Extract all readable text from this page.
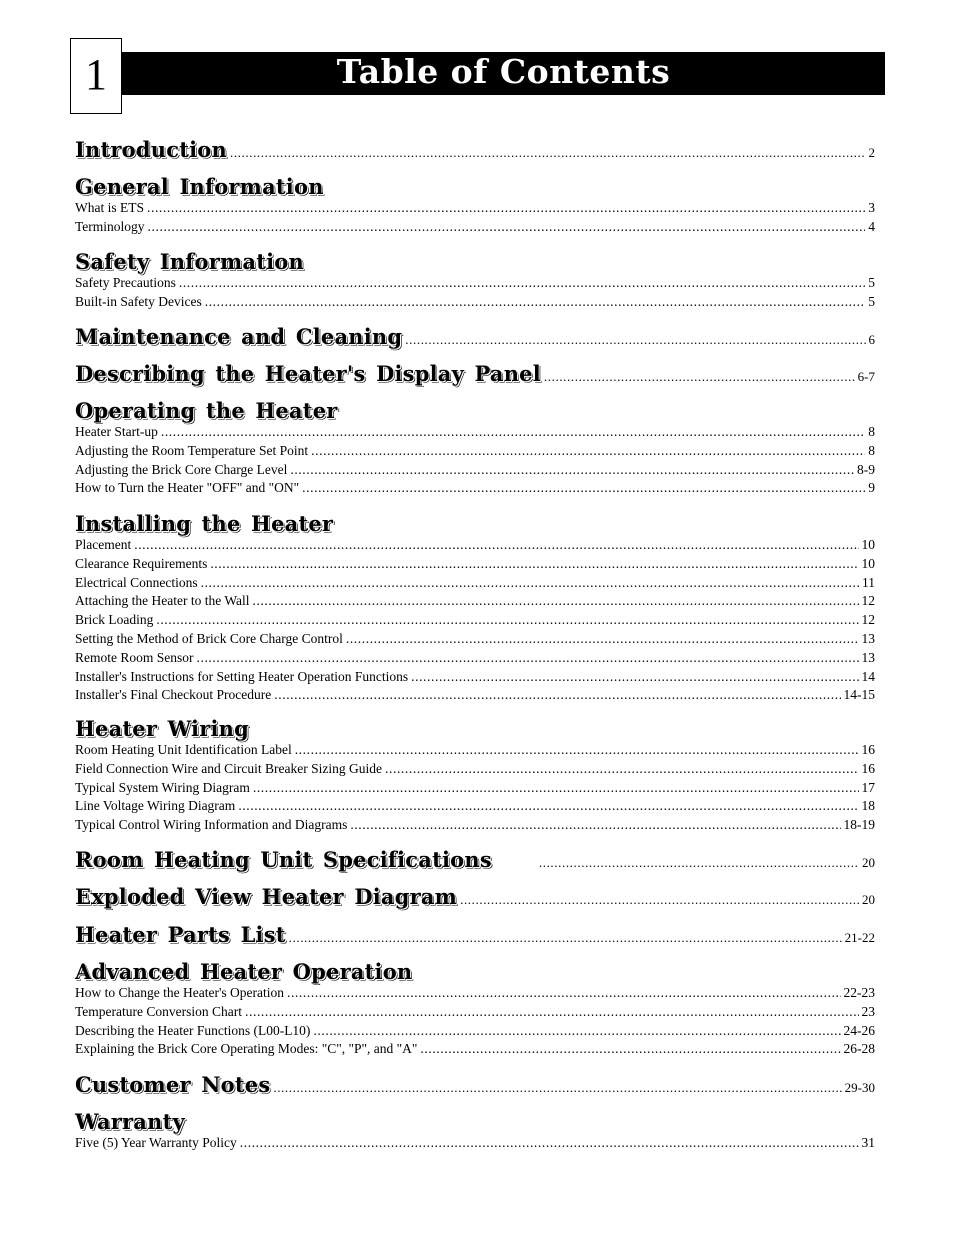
1	Table of Contents
Introduction .....	2
General Information
What is ETS .....	3
Terminology .....	4
Safety Information
Safety Precautions .....	5
Built-in Safety Devices .....	5
Maintenance and Cleaning .....	6
Describing the Heater's Display Panel .....	6-7
Operating the Heater
Heater Start-up .....	8
Adjusting the Room Temperature Set Point .....	8
Adjusting the Brick Core Charge Level .....	8-9
How to Turn the Heater "OFF" and "ON" .....	9
Installing the Heater
Placement .....	10
Clearance Requirements .....	10
Electrical Connections .....	11
Attaching the Heater to the Wall .....	12
Brick Loading .....	12
Setting the Method of Brick Core Charge Control .....	13
Remote Room Sensor .....	13
Installer's Instructions for Setting Heater Operation Functions .....	14
Installer's Final Checkout Procedure .....	14-15
Heater Wiring
Room Heating Unit Identification Label .....	16
Field Connection Wire and Circuit Breaker Sizing Guide .....	16
Typical System Wiring Diagram .....	17
Line Voltage Wiring Diagram .....	18
Typical Control Wiring Information and Diagrams .....	18-19
Room Heating Unit Specifications .....	20
Exploded View Heater Diagram .....	20
Heater Parts List .....	21-22
Advanced Heater Operation
How to Change the Heater's Operation .....	22-23
Temperature Conversion Chart .....	23
Describing the Heater Functions (L00-L10) .....	24-26
Explaining the Brick Core Operating Modes: "C", "P", and "A" .....	26-28
Customer Notes .....	29-30
Warranty
Five (5) Year Warranty Policy .....	31
